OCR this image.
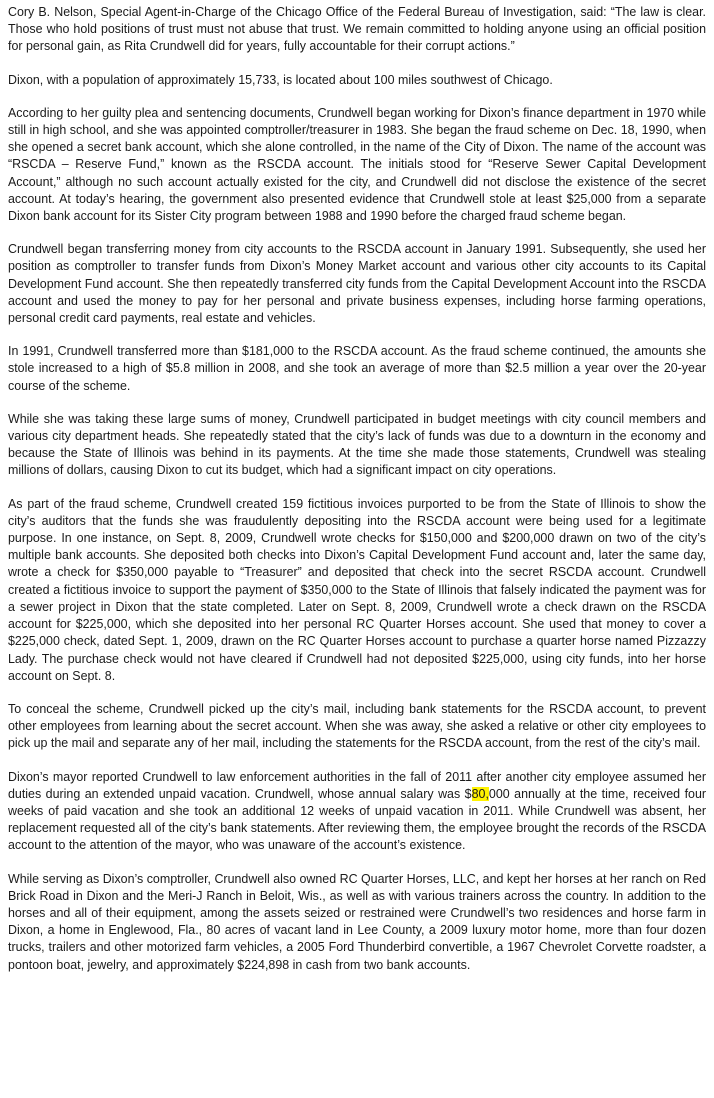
Cory B. Nelson, Special Agent-in-Charge of the Chicago Office of the Federal Bureau of Investigation, said: “The law is clear. Those who hold positions of trust must not abuse that trust. We remain committed to holding anyone using an official position for personal gain, as Rita Crundwell did for years, fully accountable for their corrupt actions.”

Dixon, with a population of approximately 15,733, is located about 100 miles southwest of Chicago.

According to her guilty plea and sentencing documents, Crundwell began working for Dixon’s finance department in 1970 while still in high school, and she was appointed comptroller/treasurer in 1983. She began the fraud scheme on Dec. 18, 1990, when she opened a secret bank account, which she alone controlled, in the name of the City of Dixon. The name of the account was “RSCDA – Reserve Fund,” known as the RSCDA account. The initials stood for “Reserve Sewer Capital Development Account,” although no such account actually existed for the city, and Crundwell did not disclose the existence of the secret account. At today’s hearing, the government also presented evidence that Crundwell stole at least $25,000 from a separate Dixon bank account for its Sister City program between 1988 and 1990 before the charged fraud scheme began.

Crundwell began transferring money from city accounts to the RSCDA account in January 1991. Subsequently, she used her position as comptroller to transfer funds from Dixon’s Money Market account and various other city accounts to its Capital Development Fund account. She then repeatedly transferred city funds from the Capital Development Account into the RSCDA account and used the money to pay for her personal and private business expenses, including horse farming operations, personal credit card payments, real estate and vehicles.

In 1991, Crundwell transferred more than $181,000 to the RSCDA account. As the fraud scheme continued, the amounts she stole increased to a high of $5.8 million in 2008, and she took an average of more than $2.5 million a year over the 20-year course of the scheme.

While she was taking these large sums of money, Crundwell participated in budget meetings with city council members and various city department heads. She repeatedly stated that the city’s lack of funds was due to a downturn in the economy and because the State of Illinois was behind in its payments. At the time she made those statements, Crundwell was stealing millions of dollars, causing Dixon to cut its budget, which had a significant impact on city operations.

As part of the fraud scheme, Crundwell created 159 fictitious invoices purported to be from the State of Illinois to show the city’s auditors that the funds she was fraudulently depositing into the RSCDA account were being used for a legitimate purpose. In one instance, on Sept. 8, 2009, Crundwell wrote checks for $150,000 and $200,000 drawn on two of the city’s multiple bank accounts. She deposited both checks into Dixon’s Capital Development Fund account and, later the same day, wrote a check for $350,000 payable to “Treasurer” and deposited that check into the secret RSCDA account. Crundwell created a fictitious invoice to support the payment of $350,000 to the State of Illinois that falsely indicated the payment was for a sewer project in Dixon that the state completed. Later on Sept. 8, 2009, Crundwell wrote a check drawn on the RSCDA account for $225,000, which she deposited into her personal RC Quarter Horses account. She used that money to cover a $225,000 check, dated Sept. 1, 2009, drawn on the RC Quarter Horses account to purchase a quarter horse named Pizzazzy Lady. The purchase check would not have cleared if Crundwell had not deposited $225,000, using city funds, into her horse account on Sept. 8.

To conceal the scheme, Crundwell picked up the city’s mail, including bank statements for the RSCDA account, to prevent other employees from learning about the secret account. When she was away, she asked a relative or other city employees to pick up the mail and separate any of her mail, including the statements for the RSCDA account, from the rest of the city’s mail.

Dixon’s mayor reported Crundwell to law enforcement authorities in the fall of 2011 after another city employee assumed her duties during an extended unpaid vacation. Crundwell, whose annual salary was $80,000 annually at the time, received four weeks of paid vacation and she took an additional 12 weeks of unpaid vacation in 2011. While Crundwell was absent, her replacement requested all of the city’s bank statements. After reviewing them, the employee brought the records of the RSCDA account to the attention of the mayor, who was unaware of the account’s existence.

While serving as Dixon’s comptroller, Crundwell also owned RC Quarter Horses, LLC, and kept her horses at her ranch on Red Brick Road in Dixon and the Meri-J Ranch in Beloit, Wis., as well as with various trainers across the country. In addition to the horses and all of their equipment, among the assets seized or restrained were Crundwell’s two residences and horse farm in Dixon, a home in Englewood, Fla., 80 acres of vacant land in Lee County, a 2009 luxury motor home, more than four dozen trucks, trailers and other motorized farm vehicles, a 2005 Ford Thunderbird convertible, a 1967 Chevrolet Corvette roadster, a pontoon boat, jewelry, and approximately $224,898 in cash from two bank accounts.
